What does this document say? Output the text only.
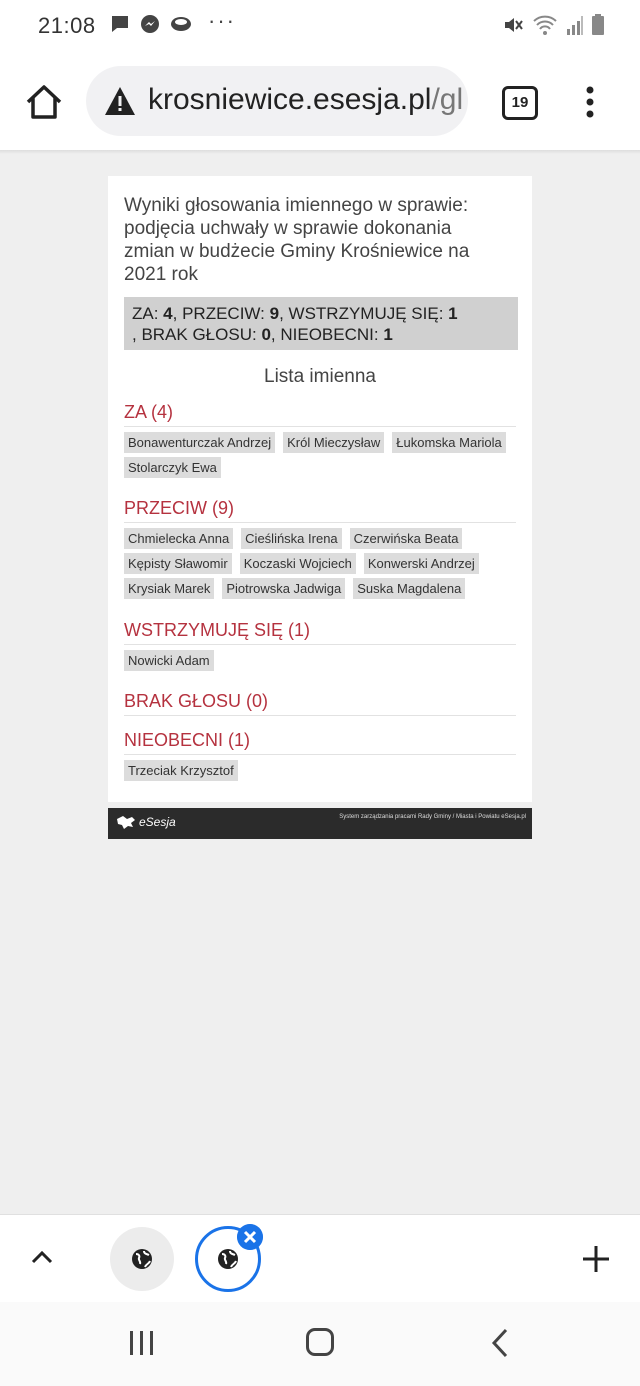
21:08	···
krosniewice.esesja.pl/gl	19
Wyniki głosowania imiennego w sprawie: podjęcia uchwały w sprawie dokonania zmian w budżecie Gminy Krośniewice na 2021 rok
ZA: 4, PRZECIW: 9, WSTRZYMUJĘ SIĘ: 1
, BRAK GŁOSU: 0, NIEOBECNI: 1
Lista imienna
ZA (4)
Bonawenturczak Andrzej	Król Mieczysław	Łukomska Mariola
Stolarczyk Ewa
PRZECIW (9)
Chmielecka Anna	Cieślińska Irena	Czerwińska Beata
Kępisty Sławomir	Koczaski Wojciech	Konwerski Andrzej
Krysiak Marek	Piotrowska Jadwiga	Suska Magdalena
WSTRZYMUJĘ SIĘ (1)
Nowicki Adam
BRAK GŁOSU (0)
NIEOBECNI (1)
Trzeciak Krzysztof
eSesja	System zarządzania pracami Rady Gminy / Miasta i Powiatu eSesja.pl
